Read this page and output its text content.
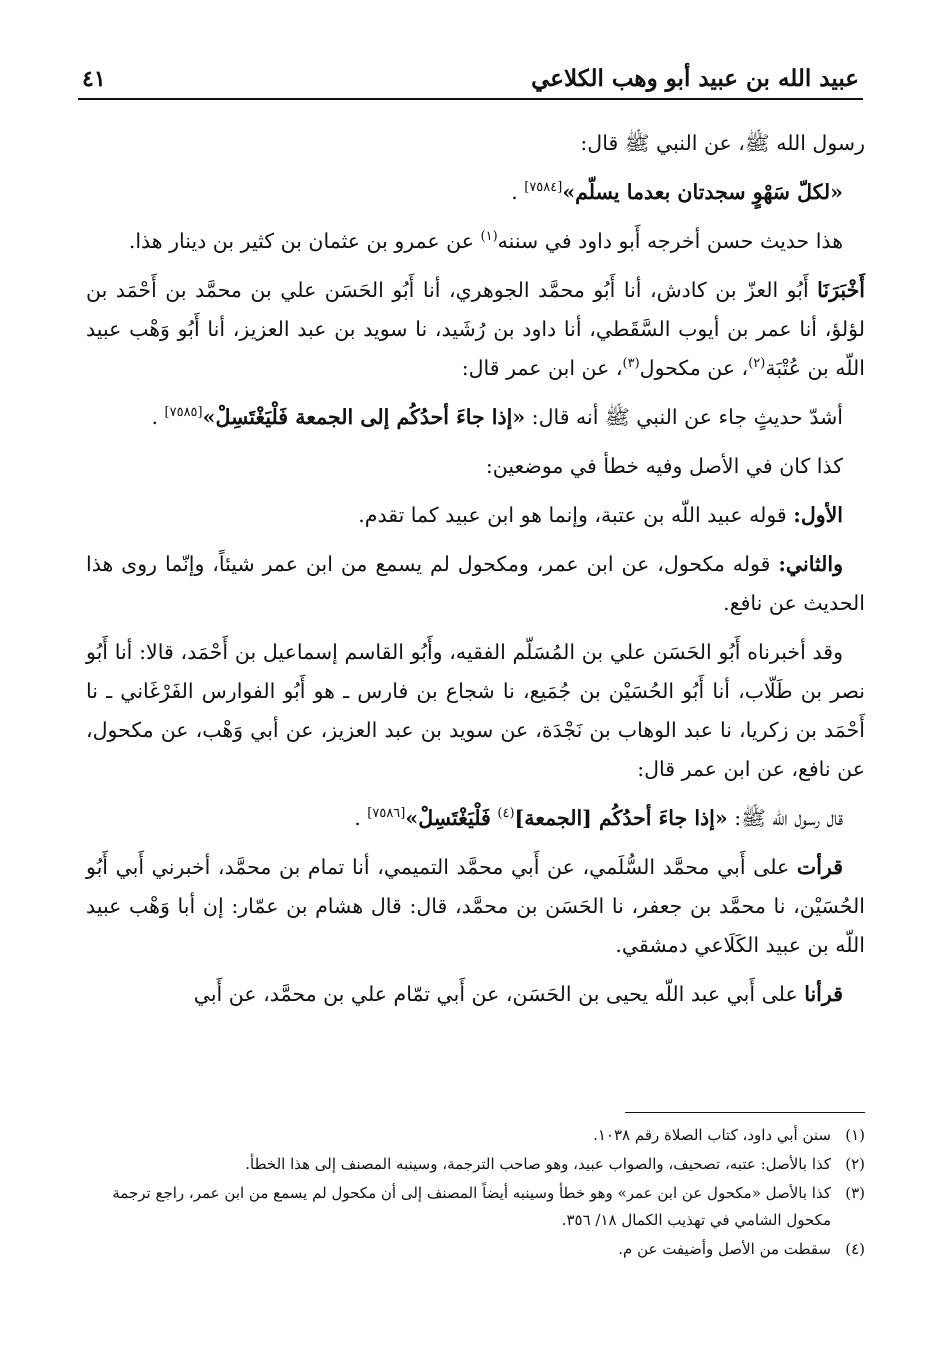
عبيد الله بن عبيد أبو وهب الكلاعي
٤١

رسول الله ﷺ، عن النبي ﷺ قال:

«لكلّ سَهْوٍ سجدتان بعدما يسلّم»[٧٥٨٤] .

هذا حديث حسن أخرجه أَبو داود في سننه$^{(١)}$ عن عمرو بن عثمان بن كثير بن دينار هذا.

أَخْبَرَنَا أَبُو العزّ بن كادش، أنا أَبُو محمَّد الجوهري، أنا أَبُو الحَسَن علي بن محمَّد بن أَحْمَد بن لؤلؤ، أنا عمر بن أيوب السَّقَطي، أنا داود بن رُشَيد، نا سويد بن عبد العزيز، أنا أَبُو وَهْب عبيد اللّه بن عُتْبَة$^{(٢)}$، عن مكحول$^{(٣)}$، عن ابن عمر قال:

أشدّ حديثٍ جاء عن النبي ﷺ أنه قال: «إذا جاءَ أحدُكُم إلى الجمعة فَلْيَغْتَسِلْ»[٧٥٨٥] .

كذا كان في الأصل وفيه خطأ في موضعين:

الأول: قوله عبيد اللّه بن عتبة، وإنما هو ابن عبيد كما تقدم.

والثاني: قوله مكحول، عن ابن عمر، ومكحول لم يسمع من ابن عمر شيئاً، وإنّما روى هذا الحديث عن نافع.

وقد أخبرناه أَبُو الحَسَن علي بن المُسَلّم الفقيه، وأَبُو القاسم إسماعيل بن أَحْمَد، قالا: أنا أَبُو نصر بن طَلّاب، أنا أَبُو الحُسَيْن بن جُمَيع، نا شجاع بن فارس ـ هو أَبُو الفوارس الفَرْغَاني ـ نا أَحْمَد بن زكريا، نا عبد الوهاب بن نَجْدَة، عن سويد بن عبد العزيز، عن أبي وَهْب، عن مكحول، عن نافع، عن ابن عمر قال:

قال رسول الله ﷺ: «إذا جاءَ أحدُكُم [الجمعة]$^{(٤)}$ فَلْيَغْتَسِلْ»[٧٥٨٦] .

قرأت على أَبي محمَّد السُّلَمي، عن أَبي محمَّد التميمي، أنا تمام بن محمَّد، أخبرني أَبي أَبُو الحُسَيْن، نا محمَّد بن جعفر، نا الحَسَن بن محمَّد، قال: قال هشام بن عمّار: إن أبا وَهْب عبيد اللّه بن عبيد الكَلَاعي دمشقي.

قرأنا على أَبي عبد اللّه يحيى بن الحَسَن، عن أَبي تمّام علي بن محمَّد، عن أَبي

(١)
سنن أبي داود، كتاب الصلاة رقم ١٠٣٨.
(٢)
كذا بالأصل: عتبه، تصحيف، والصواب عبيد، وهو صاحب الترجمة، وسينبه المصنف إلى هذا الخطأ.
(٣)
كذا بالأصل «مكحول عن ابن عمر» وهو خطأ وسينبه أيضاً المصنف إلى أن مكحول لم يسمع من ابن عمر، راجع ترجمة مكحول الشامي في تهذيب الكمال ١٨/ ٣٥٦.
(٤)
سقطت من الأصل وأضيفت عن م.
